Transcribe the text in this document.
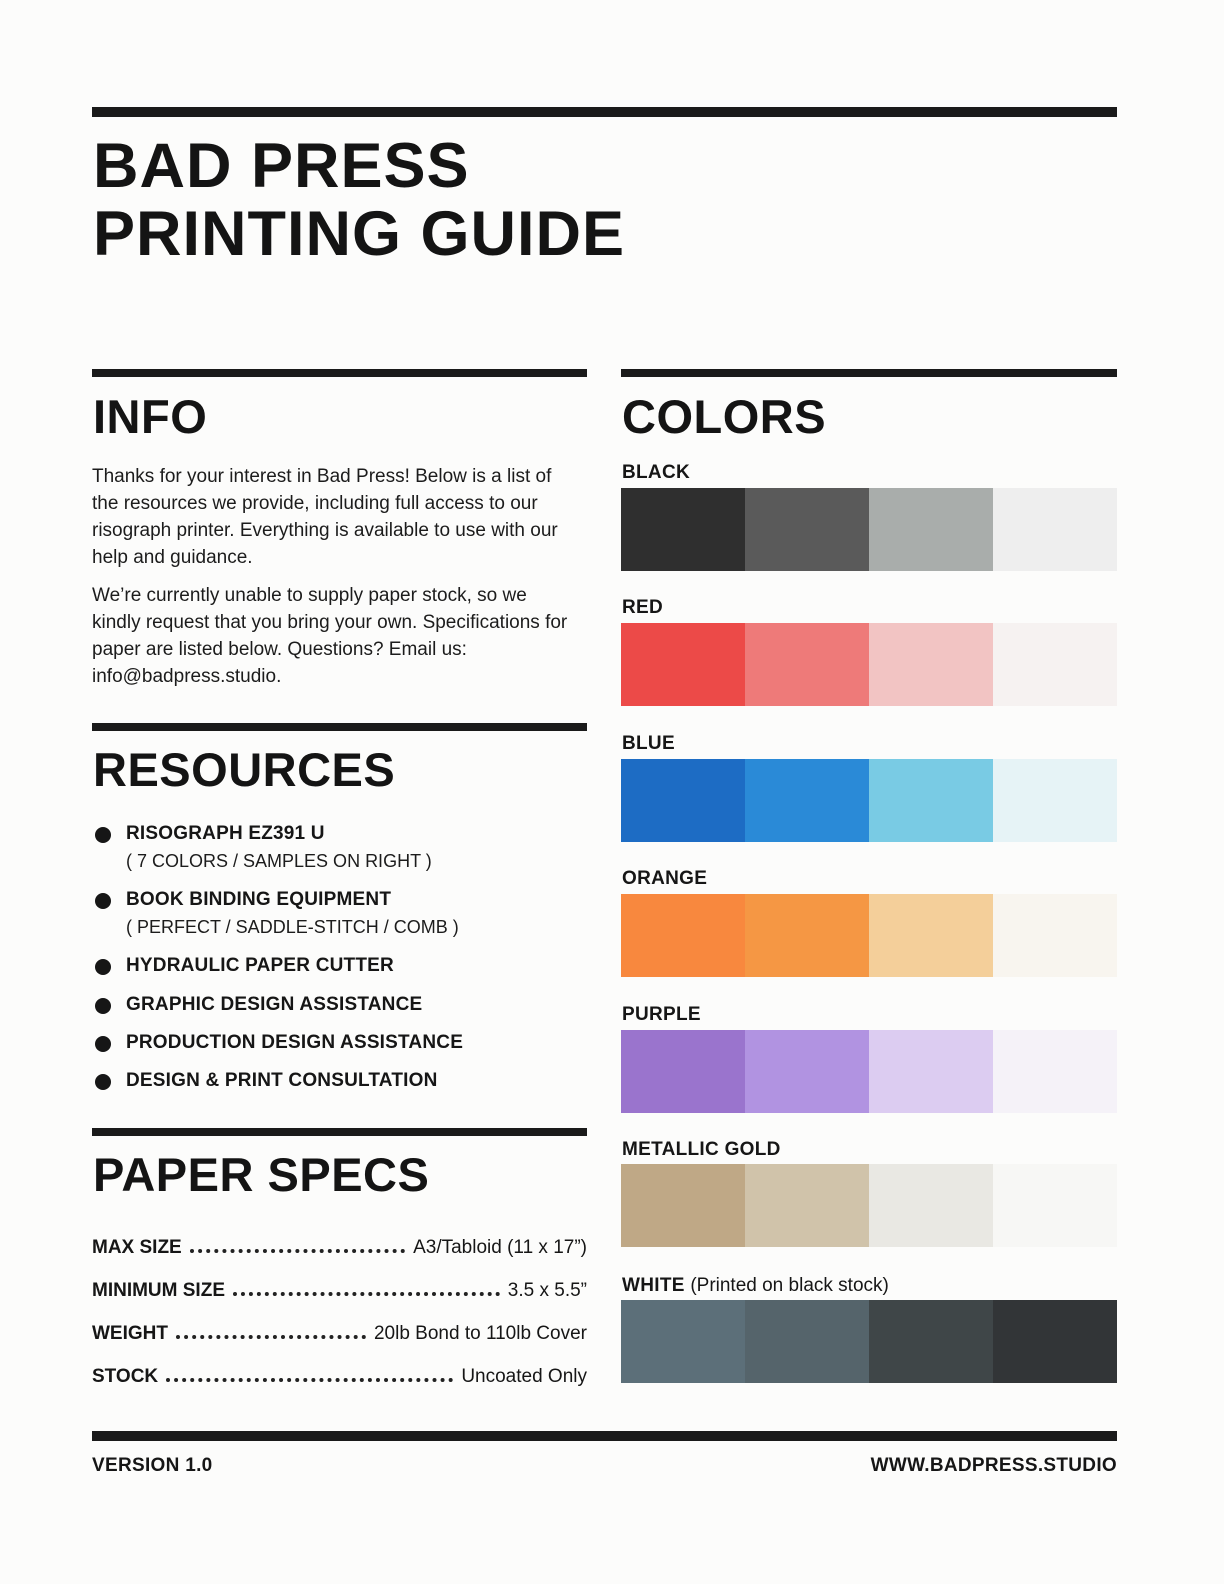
BAD PRESS
PRINTING GUIDE
INFO
Thanks for your interest in Bad Press! Below is a list of the resources we provide, including full access to our risograph printer. Everything is available to use with our help and guidance.
We’re currently unable to supply paper stock, so we kindly request that you bring your own. Specifications for paper are listed below. Questions? Email us: info@badpress.studio.
RESOURCES
RISOGRAPH EZ391 U
( 7 COLORS / SAMPLES ON RIGHT )
BOOK BINDING EQUIPMENT
( PERFECT / SADDLE-STITCH / COMB )
HYDRAULIC PAPER CUTTER
GRAPHIC DESIGN ASSISTANCE
PRODUCTION DESIGN ASSISTANCE
DESIGN & PRINT CONSULTATION
PAPER SPECS
MAX SIZE	A3/Tabloid (11 x 17”)
MINIMUM SIZE	3.5 x 5.5”
WEIGHT	20lb Bond to 110lb Cover
STOCK	Uncoated Only
COLORS
BLACK
RED
BLUE
ORANGE
PURPLE
METALLIC GOLD
WHITE (Printed on black stock)
VERSION 1.0	WWW.BADPRESS.STUDIO
